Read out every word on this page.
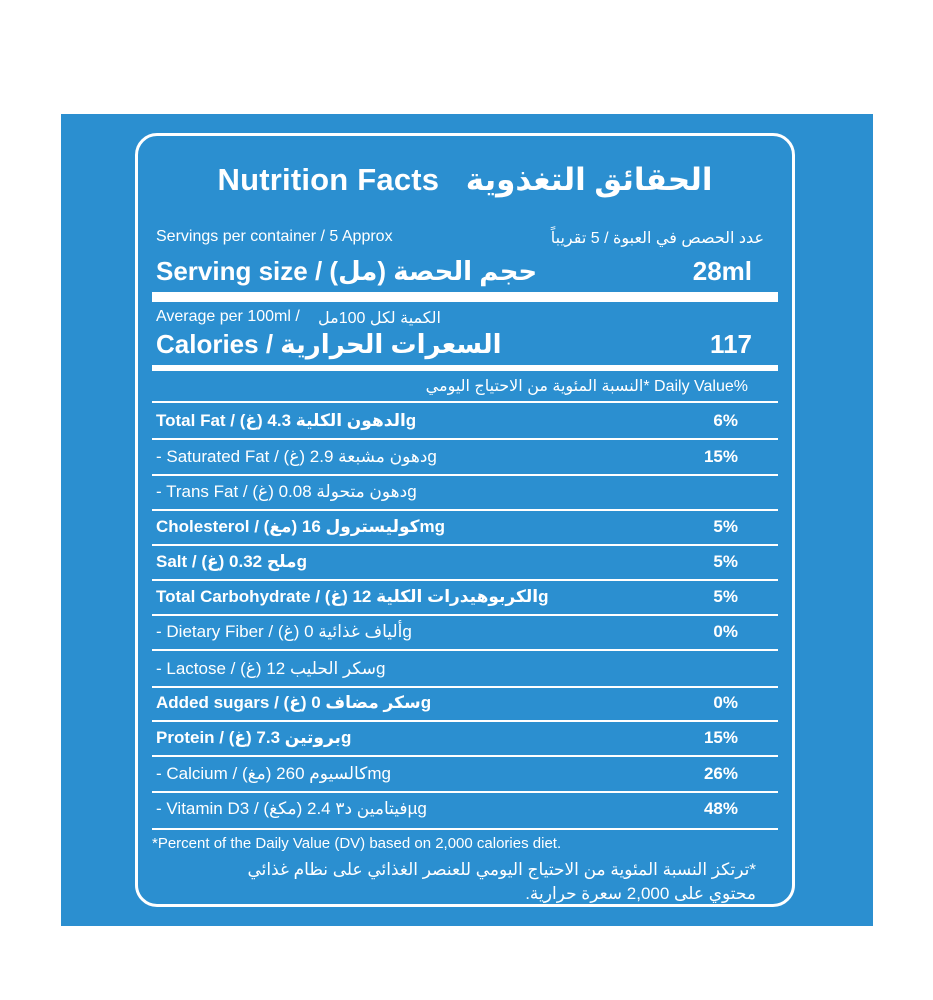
Nutrition Facts الحقائق التغذوية
Servings per container / 5 Approx	عدد الحصص في العبوة / 5 تقريباً
Serving size / (مل) حجم الحصة	28ml
Average per 100ml / الكمية لكل 100مل
Calories / السعرات الحرارية	117
النسبة المئوية من الاحتياج اليومي* Daily Value%
Total Fat / (غ) الدهون الكلية 4.3g	6%
- Saturated Fat / (غ) دهون مشبعة 2.9g	15%
- Trans Fat / (غ) دهون متحولة 0.08g
Cholesterol / (مغ) كوليسترول 16mg	5%
Salt / (غ) ملح 0.32g	5%
Total Carbohydrate / (غ) الكربوهيدرات الكلية 12g	5%
- Dietary Fiber / (غ) ألياف غذائية 0g	0%
- Lactose / (غ) سكر الحليب 12g
Added sugars / (غ) سكر مضاف 0g	0%
Protein / (غ) بروتين 7.3g	15%
- Calcium / (مغ) كالسيوم 260mg	26%
- Vitamin D3 / (مكغ) فيتامين د٣ 2.4µg	48%
*Percent of the Daily Value (DV) based on 2,000 calories diet.
*ترتكز النسبة المئوية من الاحتياج اليومي للعنصر الغذائي على نظام غذائي
محتوي على 2,000 سعرة حرارية.
